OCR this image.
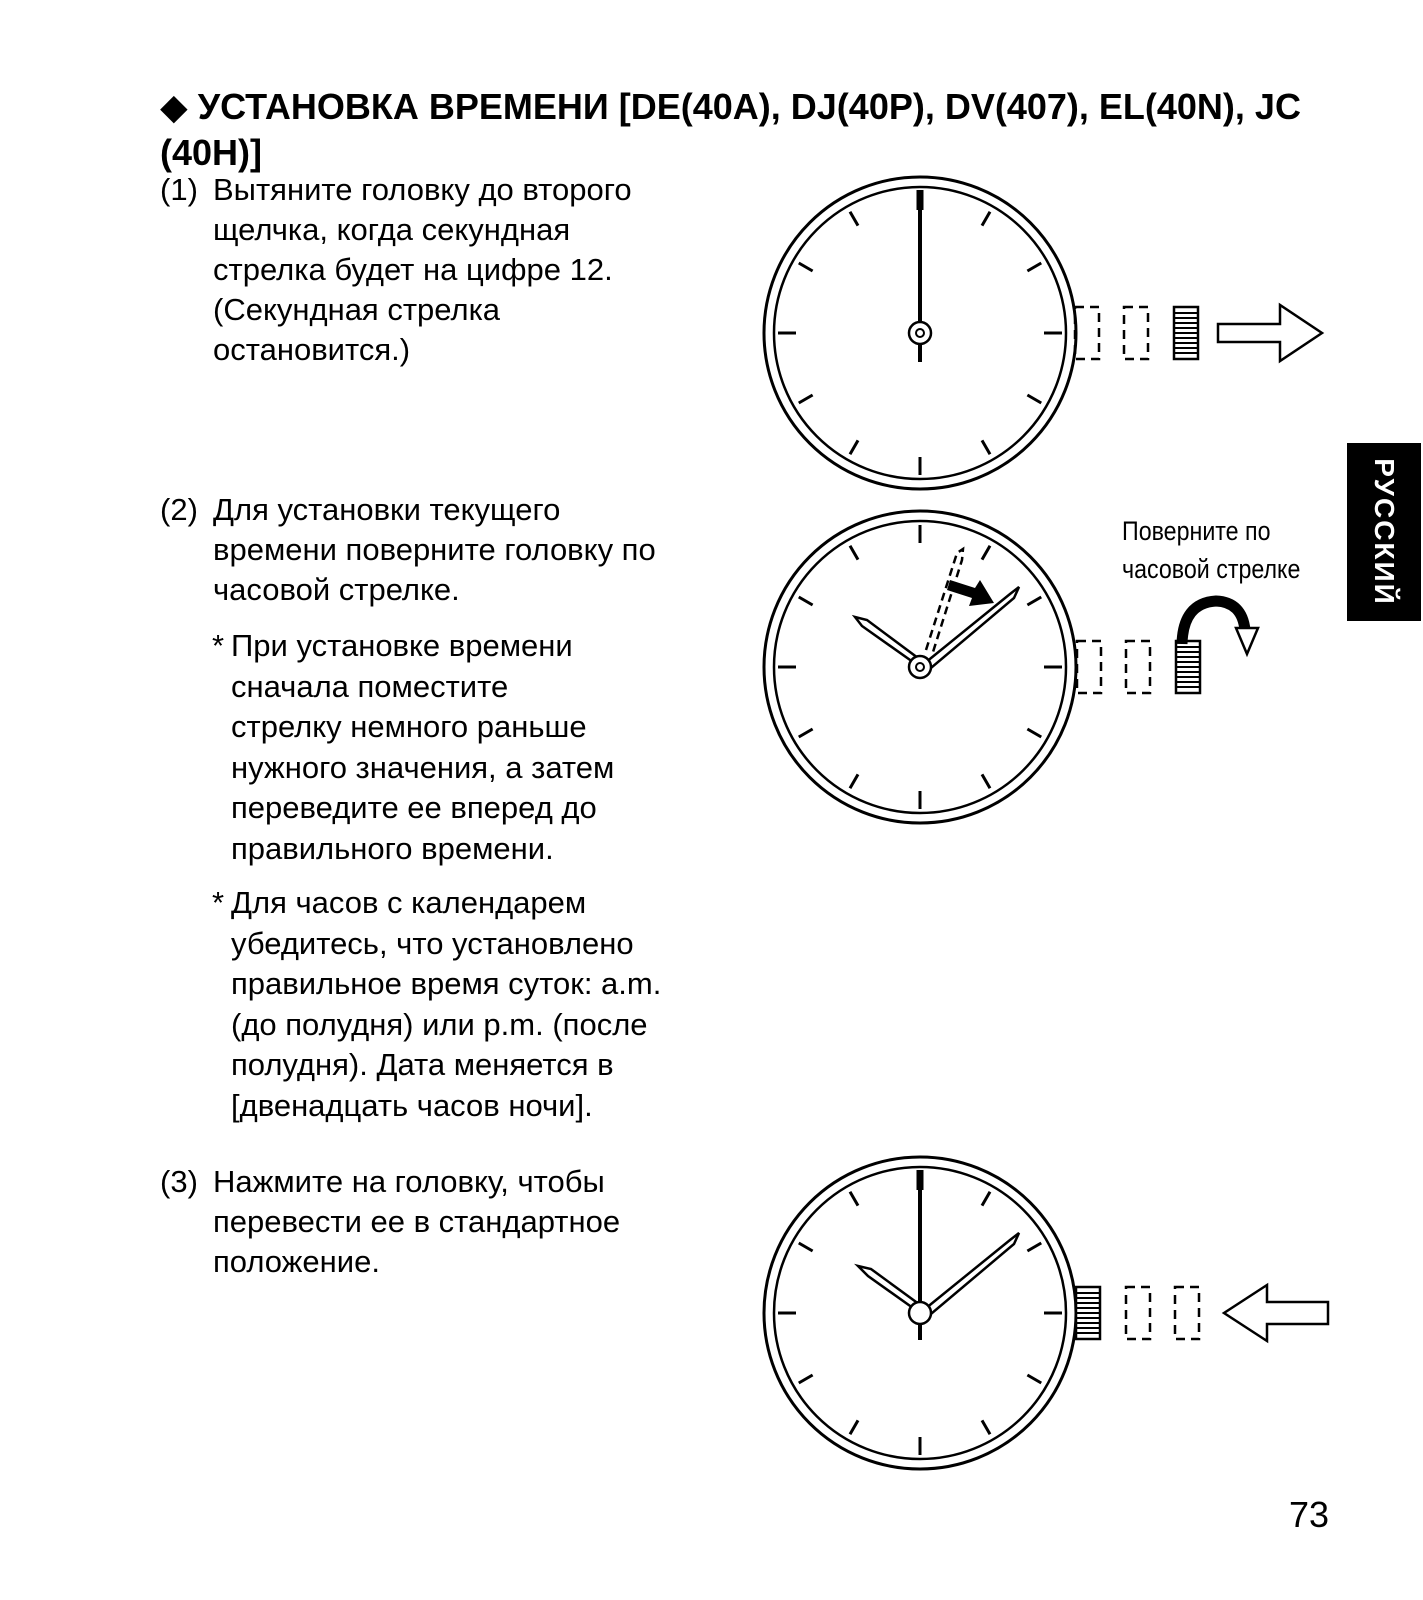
◆ УСТАНОВКА ВРЕМЕНИ [DE(40A), DJ(40P), DV(407), EL(40N), JC (40H)]
(1) Вытяните головку до второго
щелчка, когда секундная
стрелка будет на цифре 12.
(Секундная стрелка
остановится.)
(2) Для установки текущего
времени поверните головку по
часовой стрелке.
* При установке времени
сначала поместите
стрелку немного раньше
нужного значения, а затем
переведите ее вперед до
правильного времени.
* Для часов с календарем
убедитесь, что установлено
правильное время суток: a.m.
(до полудня) или p.m. (после
полудня). Дата меняется в
[двенадцать часов ночи].
(3) Нажмите на головку, чтобы
перевести ее в стандартное
положение.
Поверните по
часовой стрелке	РУССКИЙ
73
